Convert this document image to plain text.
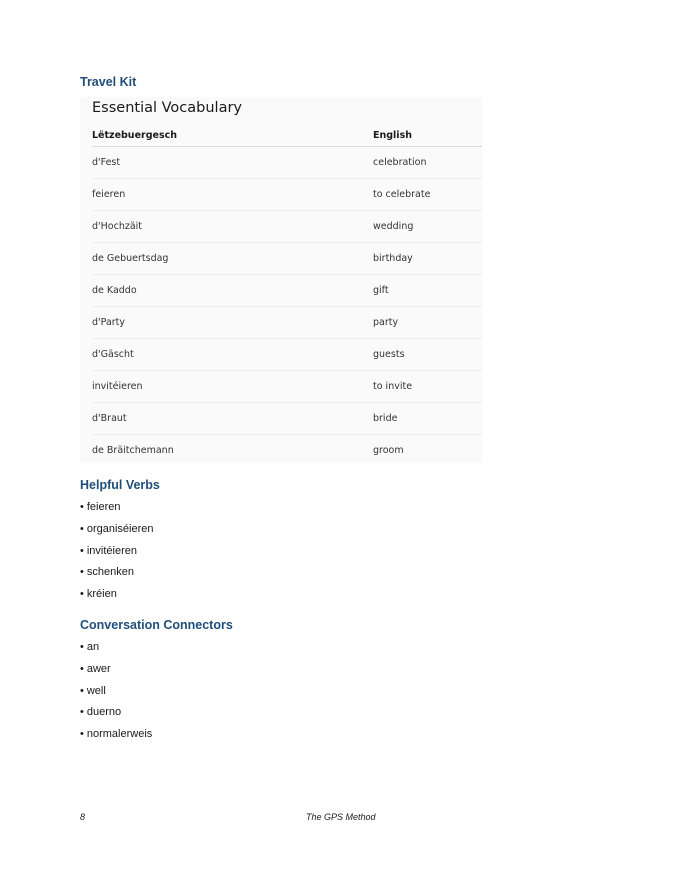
Travel Kit
Essential Vocabulary
Lëtzebuergesch	English
d'Fest	celebration
feieren	to celebrate
d'Hochzäit	wedding
de Gebuertsdag	birthday
de Kaddo	gift
d'Party	party
d'Gäscht	guests
invitéieren	to invite
d'Braut	bride
de Bräitchemann	groom
Helpful Verbs
• feieren
• organiséieren
• invitéieren
• schenken
• kréien
Conversation Connectors
• an
• awer
• well
• duerno
• normalerweis
8	The GPS Method
